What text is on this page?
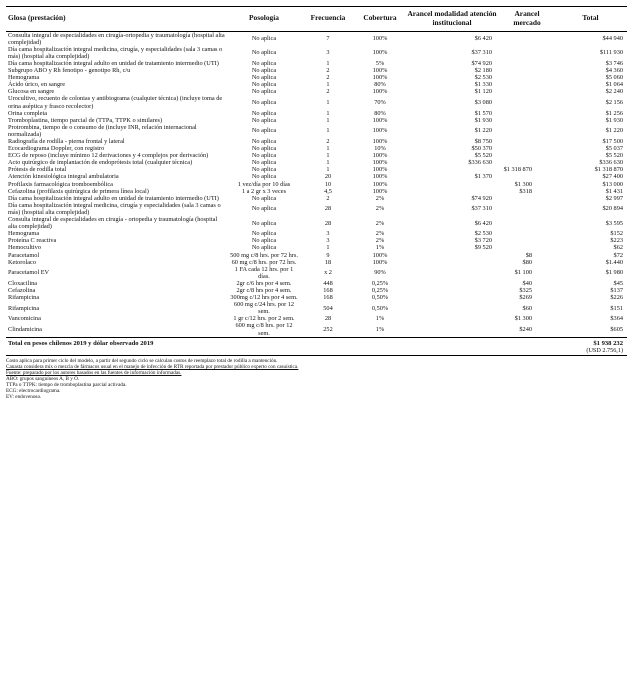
Glosa (prestación)	Posología	Frecuencia	Cobertura	Arancel modalidad atención institucional	Arancel mercado	Total
Consulta integral de especialidades en cirugía-ortopedia y traumatología (hospital alta complejidad)	No aplica	7	100%	$6 420		$44 940
Día cama hospitalización integral medicina, cirugía, y especialidades (sala 3 camas o más) (hospital alta complejidad)	No aplica	3	100%	$37 310		$111 930
Día cama hospitalización integral adulto en unidad de tratamiento intermedio (UTI)	No aplica	1	5%	$74 920		$3 746
Subgrupo ABO y Rh fenotipo - genotipo Rh, c/u	No aplica	2	100%	$2 180		$4 360
Hemograma	No aplica	2	100%	$2 530		$5 060
Ácido úrico, en sangre	No aplica	1	80%	$1 330		$1 064
Glucosa en sangre	No aplica	2	100%	$1 120		$2 240
Urocultivo, recuento de colonias y antibiograma (cualquier técnica) (incluye toma de orina aséptica y frasco recolector)	No aplica	1	70%	$3 080		$2 156
Orina completa	No aplica	1	80%	$1 570		$1 256
Tromboplastina, tiempo parcial de (TTPa, TTPK o similares)	No aplica	1	100%	$1 930		$1 930
Protrombina, tiempo de o consumo de (incluye INR, relación internacional normalizada)	No aplica	1	100%	$1 220		$1 220
Radiografía de rodilla - pierna frontal y lateral	No aplica	2	100%	$8 750		$17 500
Ecocardiograma Doppler, con registro	No aplica	1	10%	$50 370		$5 037
ECG de reposo (incluye mínimo 12 derivaciones y 4 complejos por derivación)	No aplica	1	100%	$5 520		$5 520
Acto quirúrgico de implantación de endoprótesis total (cualquier técnica)	No aplica	1	100%	$336 630		$336 630
Prótesis de rodilla total	No aplica	1	100%		$1 318 870	$1 318 870
Atención kinesiológica integral ambulatoria	No aplica	20	100%	$1 370		$27 400
Profilaxis farmacológica tromboembólica	1 vez/día por 10 días	10	100%		$1 300	$13 000
Cefazolina (profilaxis quirúrgica de primera línea local)	1 a 2 gr x 3 veces	4,5	100%		$318	$1 431
Día cama hospitalización integral adulto en unidad de tratamiento intermedio (UTI)	No aplica	2	2%	$74 920		$2 997
Día cama hospitalización integral medicina, cirugía y especialidades (sala 3 camas o más) (hospital alta complejidad)	No aplica	28	2%	$37 310		$20 894
Consulta integral de especialidades en cirugía - ortopedia y traumatología (hospital alta complejidad)	No aplica	28	2%	$6 420		$3 595
Hemograma	No aplica	3	2%	$2 530		$152
Proteína C reactiva	No aplica	3	2%	$3 720		$223
Hemocultivo	No aplica	1	1%	$9 520		$62
Paracetamol	500 mg c/8 hrs. por 72 hrs.	9	100%		$8	$72
Ketorolaco	60 mg c/8 hrs. por 72 hrs.	18	100%		$80	$1.440
Paracetamol EV	1 FA cada 12 hrs. por 1 días.	x 2	90%		$1 100	$1 980
Cloxacilina	2gr c/6 hrs por 4 sem.	448	0,25%		$40	$45
Cefazolina	2gr c/8 hrs por 4 sem.	168	0,25%		$325	$137
Rifampicina	300mg c/12 hrs por 4 sem.	168	0,50%		$269	$226
Rifampicina	600 mg c/24 hrs. por 12 sem.	504	0,50%		$60	$151
Vancomicina	1 gr c/12 hrs. por 2 sem.	28	1%		$1 300	$364
Clindamicina	600 mg c/8 hrs. por 12 sem.	252	1%		$240	$605
Total en pesos chilenos 2019 y dólar observado 2019						$1 938 232
						(USD 2.756,1)
Costo aplica para primer ciclo del modelo, a partir del segundo ciclo se calculan costos de reemplazo total de rodilla a mantención.
Canasta considera mix o mezcla de fármacos usual en el manejo de infección de RTR reportada por prestador público experto con casuística.
Fuente: preparado por los autores basados en las fuentes de información informadas.
ABO: grupos sanguíneos A, B y O.
TTPa o TTPK: tiempo de tromboplastina parcial activada.
ECG: electrocardiograma.
EV: endovenoso.
